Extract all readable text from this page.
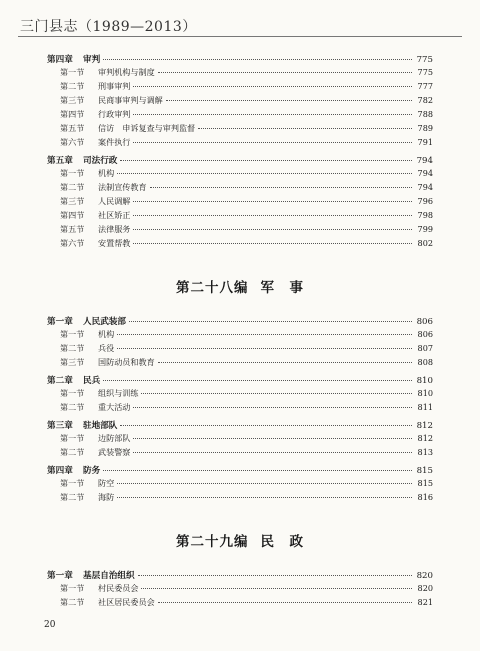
三门县志（1989—2013）
第四章	审判	775
第一节	审判机构与制度	775
第二节	刑事审判	777
第三节	民商事审判与调解	782
第四节	行政审判	788
第五节	信访　申诉复查与审判监督	789
第六节	案件执行	791
第五章	司法行政	794
第一节	机构	794
第二节	法制宣传教育	794
第三节	人民调解	796
第四节	社区矫正	798
第五节	法律服务	799
第六节	安置帮教	802
第二十八编 军　事
第一章	人民武装部	806
第一节	机构	806
第二节	兵役	807
第三节	国防动员和教育	808
第二章	民兵	810
第一节	组织与训练	810
第二节	重大活动	811
第三章	驻地部队	812
第一节	边防部队	812
第二节	武装警察	813
第四章	防务	815
第一节	防空	815
第二节	海防	816
第二十九编 民　政
第一章	基层自治组织	820
第一节	村民委员会	820
第二节	社区居民委员会	821
20
